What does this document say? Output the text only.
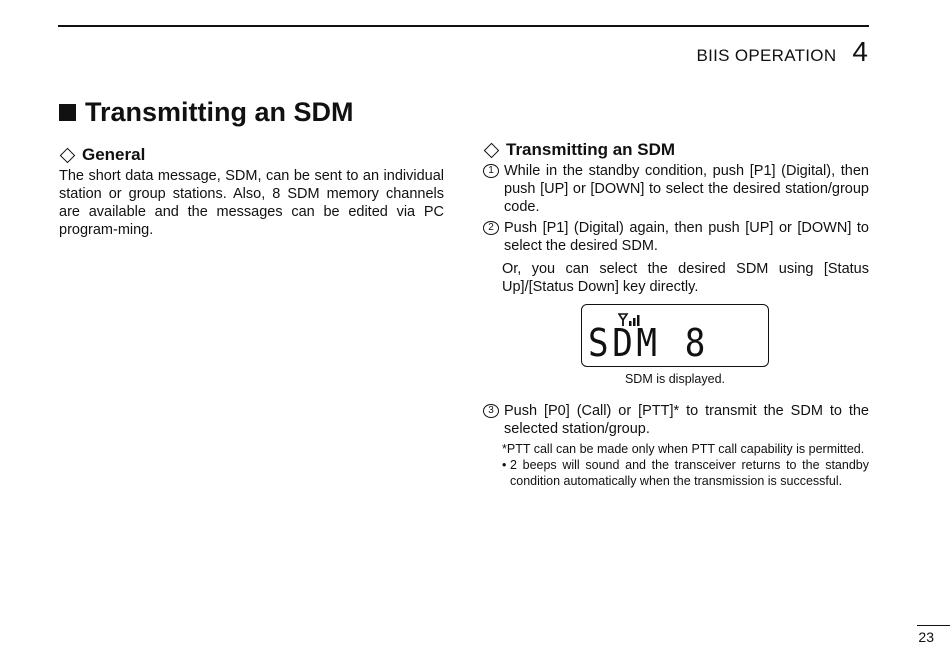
BIIS OPERATION 4
Transmitting an SDM
General

The short data message, SDM, can be sent to an individual station or group stations. Also, 8 SDM memory channels are available and the messages can be edited via PC program-ming.

Transmitting an SDM
1 While in the standby condition, push [P1] (Digital), then push [UP] or [DOWN] to select the desired station/group code.
2 Push [P1] (Digital) again, then push [UP] or [DOWN] to select the desired SDM.
Or, you can select the desired SDM using [Status Up]/[Status Down] key directly.
SDM 8
SDM is displayed.
3 Push [P0] (Call) or [PTT]* to transmit the SDM to the selected station/group.
*PTT call can be made only when PTT call capability is permitted.
• 2 beeps will sound and the transceiver returns to the standby condition automatically when the transmission is successful.
23
